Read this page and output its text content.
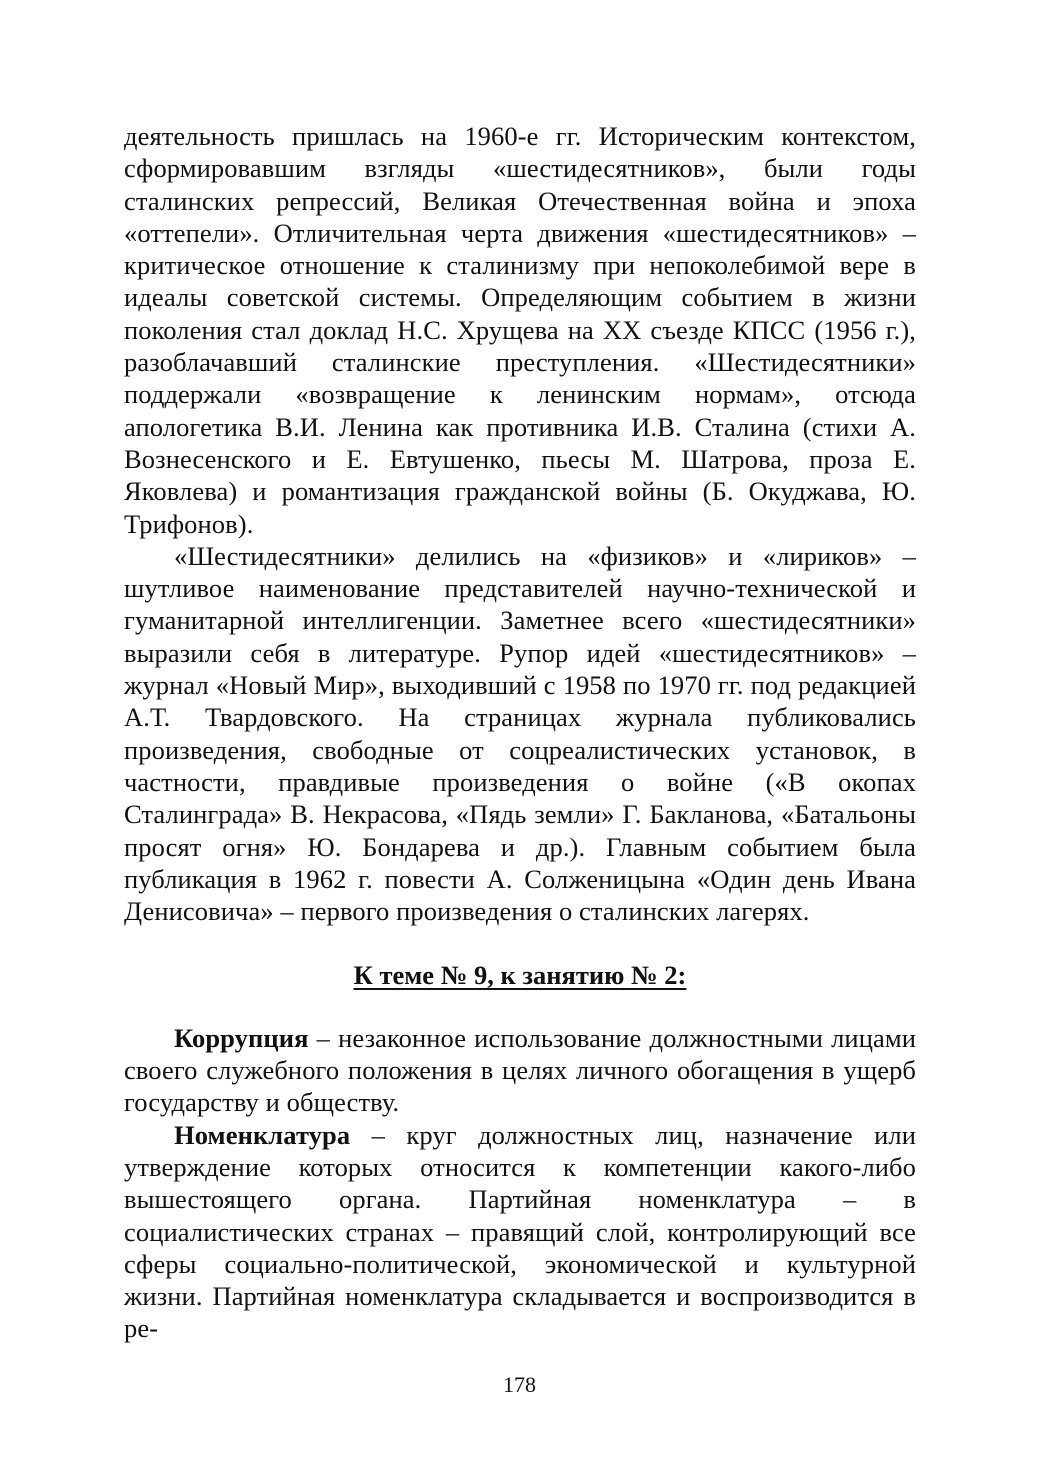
деятельность пришлась на 1960-е гг. Историческим контекстом, сформировавшим взгляды «шестидесятников», были годы сталинских репрессий, Великая Отечественная война и эпоха «оттепели». Отличительная черта движения «шестидесятников» – критическое отношение к сталинизму при непоколебимой вере в идеалы советской системы. Определяющим событием в жизни поколения стал доклад Н.С. Хрущева на XX съезде КПСС (1956 г.), разоблачавший сталинские преступления. «Шестидесятники» поддержали «возвращение к ленинским нормам», отсюда апологетика В.И. Ленина как противника И.В. Сталина (стихи А. Вознесенского и Е. Евтушенко, пьесы М. Шатрова, проза Е. Яковлева) и романтизация гражданской войны (Б. Окуджава, Ю. Трифонов).

«Шестидесятники» делились на «физиков» и «лириков» – шутливое наименование представителей научно-технической и гуманитарной интеллигенции. Заметнее всего «шестидесятники» выразили себя в литературе. Рупор идей «шестидесятников» – журнал «Новый Мир», выходивший с 1958 по 1970 гг. под редакцией А.Т. Твардовского. На страницах журнала публиковались произведения, свободные от соцреалистических установок, в частности, правдивые произведения о войне («В окопах Сталинграда» В. Некрасова, «Пядь земли» Г. Бакланова, «Батальоны просят огня» Ю. Бондарева и др.). Главным событием была публикация в 1962 г. повести А. Солженицына «Один день Ивана Денисовича» – первого произведения о сталинских лагерях.

К теме № 9, к занятию № 2:

Коррупция – незаконное использование должностными лицами своего служебного положения в целях личного обогащения в ущерб государству и обществу.

Номенклатура – круг должностных лиц, назначение или утверждение которых относится к компетенции какого-либо вышестоящего органа. Партийная номенклатура – в социалистических странах – правящий слой, контролирующий все сферы социально-политической, экономической и культурной жизни. Партийная номенклатура складывается и воспроизводится в ре-

178
